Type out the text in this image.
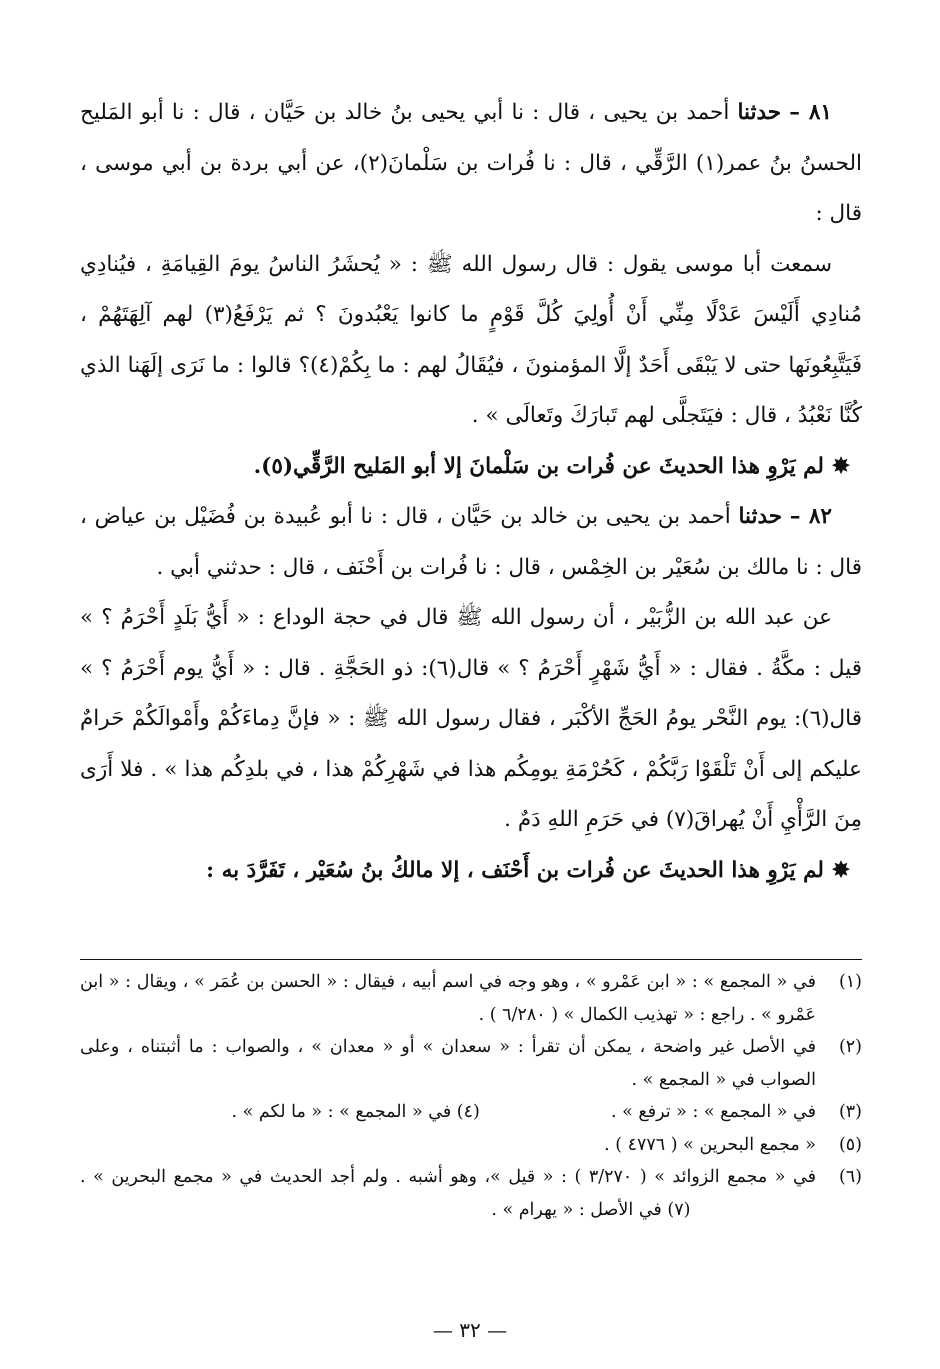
٨١ – حدثنا أحمد بن يحيى ، قال : نا أبي يحيى بنُ خالد بن حَيَّان ، قال : نا أبو المَليح الحسنُ بنُ عمر(١) الرَّقِّي ، قال : نا فُرات بن سَلْمانَ(٢)، عن أبي بردة بن أبي موسى ، قال :

سمعت أبا موسى يقول : قال رسول الله ﷺ : « يُحشَرُ الناسُ يومَ القِيامَةِ ، فيُنادِي مُنادِي أَلَيْسَ عَدْلًا مِنِّي أَنْ أُولِيَ كُلَّ قَوْمٍ ما كانوا يَعْبُدونَ ؟ ثم يَرْفَعُ(٣) لهم آلِهَتَهُمْ ، فَيَتَّبِعُونَها حتى لا يَبْقَى أَحَدٌ إلَّا المؤمنونَ ، فيُقَالُ لهم : ما بِكُمْ(٤)؟ قالوا : ما نَرَى إلَهَنا الذي كُنَّا نَعْبُدُ ، قال : فيَتَجلَّى لهم تَبارَكَ وتَعالَى » .

✸لم يَرْوِ هذا الحديثَ عن فُرات بن سَلْمانَ إلا أبو المَليح الرَّقِّي(٥).

٨٢ – حدثنا أحمد بن يحيى بن خالد بن حَيَّان ، قال : نا أبو عُبيدة بن فُضَيْل بن عياض ، قال : نا مالك بن سُعَيْر بن الخِمْس ، قال : نا فُرات بن أَحْنَف ، قال : حدثني أبي .

عن عبد الله بن الزُّبَيْر ، أن رسول الله ﷺ قال في حجة الوداع : « أَيُّ بَلَدٍ أَحْرَمُ ؟ » قيل : مكَّةُ . فقال : « أَيُّ شَهْرٍ أَحْرَمُ ؟ » قال(٦): ذو الحَجَّةِ . قال : « أَيُّ يوم أَحْرَمُ ؟ » قال(٦): يوم النَّحْر يومُ الحَجِّ الأكْبَر ، فقال رسول الله ﷺ : « فإنَّ دِماءَكُمْ وأَمْوالَكُمْ حَرامٌ عليكم إلى أَنْ تَلْقَوْا رَبَّكُمْ ، كَحُرْمَةِ يومِكُم هذا في شَهْرِكُمْ هذا ، في بلدِكُم هذا » . فلا أَرَى مِنَ الرَّأْيِ أَنْ يُهراقَ(٧) في حَرَمِ اللهِ دَمٌ .

✸لم يَرْوِ هذا الحديثَ عن فُرات بن أَحْنَف ، إلا مالكُ بنُ سُعَيْر ، تَفَرَّدَ به :

(١)
في « المجمع » : « ابن عَمْرو » ، وهو وجه في اسم أبيه ، فيقال : « الحسن بن عُمَر » ، ويقال : « ابن عَمْرو » . راجع : « تهذيب الكمال » ( ٦/٢٨٠ ) .

(٢)
في الأصل غير واضحة ، يمكن أن تقرأ : « سعدان » أو « معدان » ، والصواب : ما أثبتناه ، وعلى الصواب في « المجمع » .

(٣)
في « المجمع » : « ترفع » .  (٤) في « المجمع » : « ما لكم » .

(٥)
« مجمع البحرين » ( ٤٧٧٦ ) .

(٦)
في « مجمع الزوائد » ( ٣/٢٧٠ ) : « قيل »، وهو أشبه . ولم أجد الحديث في « مجمع البحرين » .  (٧) في الأصل : « يهرام » .

— ٣٢ —
